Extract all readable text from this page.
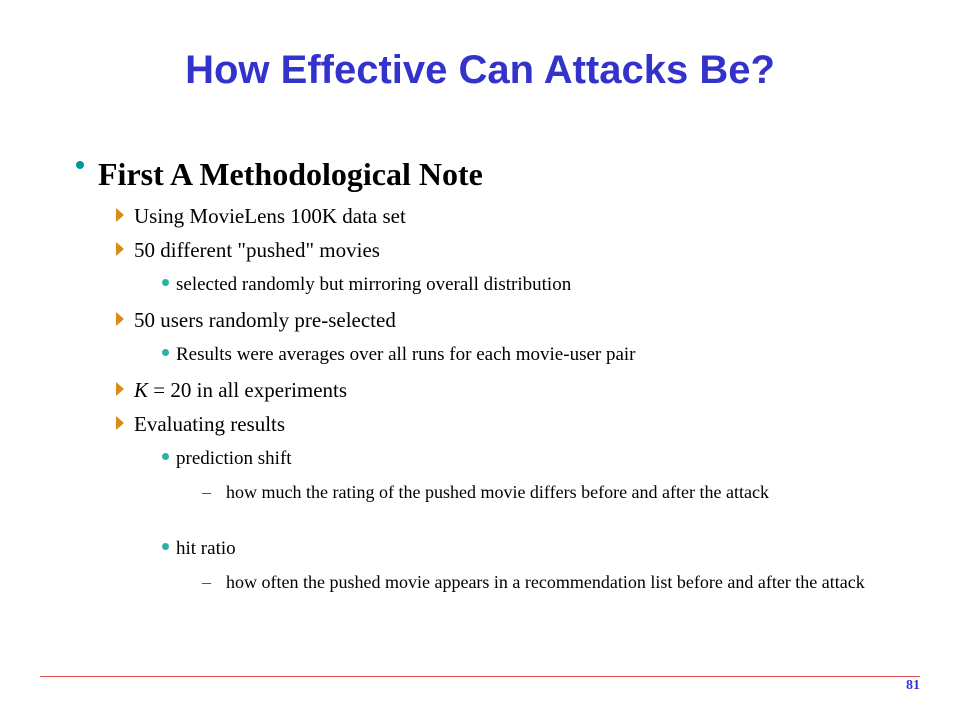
How Effective Can Attacks Be?
First A Methodological Note
Using MovieLens 100K data set
50 different "pushed" movies
selected randomly but mirroring overall distribution
50 users randomly pre-selected
Results were averages over all runs for each movie-user pair
K = 20 in all experiments
Evaluating results
prediction shift
– how much the rating of the pushed movie differs before and after the attack
hit ratio
– how often the pushed movie appears in a recommendation list before and after the attack
81
